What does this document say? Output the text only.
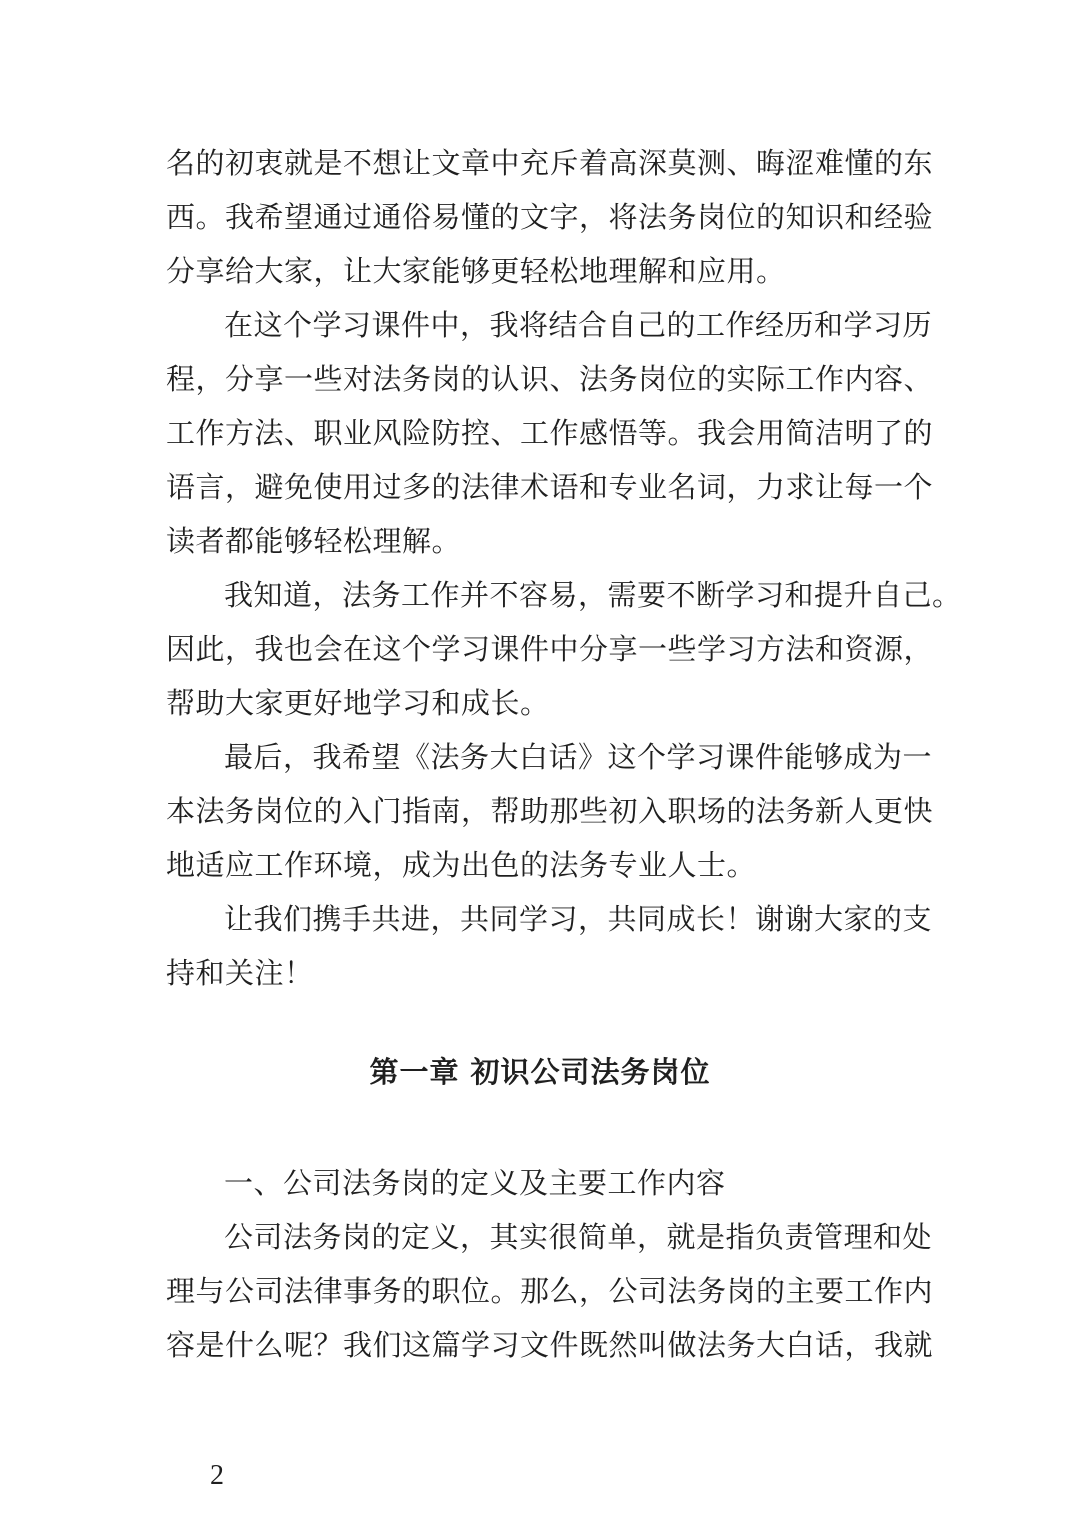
名的初衷就是不想让文章中充斥着高深莫测、晦涩难懂的东
西。我希望通过通俗易懂的文字，将法务岗位的知识和经验
分享给大家，让大家能够更轻松地理解和应用。
在这个学习课件中，我将结合自己的工作经历和学习历
程，分享一些对法务岗的认识、法务岗位的实际工作内容、
工作方法、职业风险防控、工作感悟等。我会用简洁明了的
语言，避免使用过多的法律术语和专业名词，力求让每一个
读者都能够轻松理解。
我知道，法务工作并不容易，需要不断学习和提升自己。
因此，我也会在这个学习课件中分享一些学习方法和资源，
帮助大家更好地学习和成长。
最后，我希望《法务大白话》这个学习课件能够成为一
本法务岗位的入门指南，帮助那些初入职场的法务新人更快
地适应工作环境，成为出色的法务专业人士。
让我们携手共进，共同学习，共同成长！谢谢大家的支
持和关注！
第一章 初识公司法务岗位
一、公司法务岗的定义及主要工作内容
公司法务岗的定义，其实很简单，就是指负责管理和处
理与公司法律事务的职位。那么，公司法务岗的主要工作内
容是什么呢？我们这篇学习文件既然叫做法务大白话，我就
2
